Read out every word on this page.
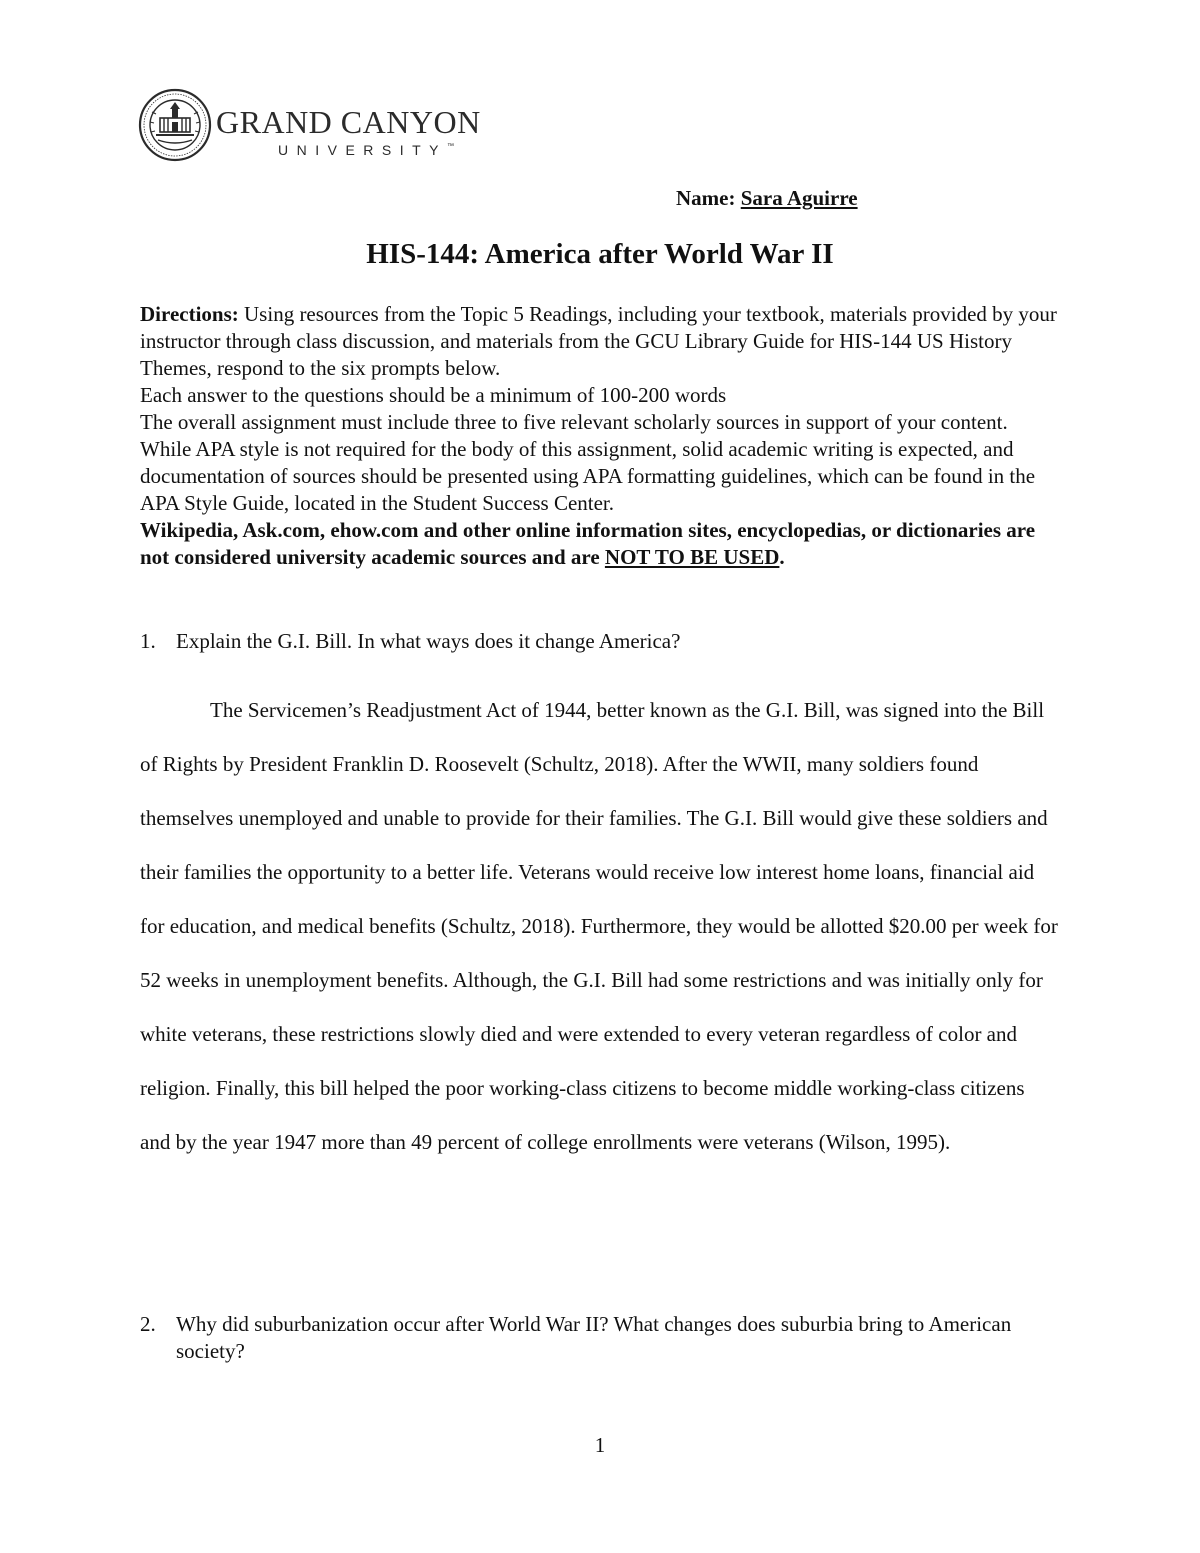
GRAND CANYON
UNIVERSITY™
Name: Sara Aguirre
HIS-144: America after World War II

Directions: Using resources from the Topic 5 Readings, including your textbook, materials provided by your instructor through class discussion, and materials from the GCU Library Guide for HIS-144 US History Themes, respond to the six prompts below.

Each answer to the questions should be a minimum of 100-200 words

The overall assignment must include three to five relevant scholarly sources in support of your content.

While APA style is not required for the body of this assignment, solid academic writing is expected, and documentation of sources should be presented using APA formatting guidelines, which can be found in the APA Style Guide, located in the Student Success Center.

Wikipedia, Ask.com, ehow.com and other online information sites, encyclopedias, or dictionaries are not considered university academic sources and are NOT TO BE USED.

1. Explain the G.I. Bill. In what ways does it change America?

The Servicemen’s Readjustment Act of 1944, better known as the G.I. Bill, was signed into the Bill of Rights by President Franklin D. Roosevelt (Schultz, 2018). After the WWII, many soldiers found themselves unemployed and unable to provide for their families. The G.I. Bill would give these soldiers and their families the opportunity to a better life. Veterans would receive low interest home loans, financial aid for education, and medical benefits (Schultz, 2018). Furthermore, they would be allotted $20.00 per week for 52 weeks in unemployment benefits. Although, the G.I. Bill had some restrictions and was initially only for white veterans, these restrictions slowly died and were extended to every veteran regardless of color and religion. Finally, this bill helped the poor working-class citizens to become middle working-class citizens and by the year 1947 more than 49 percent of college enrollments were veterans (Wilson, 1995).

2. Why did suburbanization occur after World War II? What changes does suburbia bring to American society?
1
